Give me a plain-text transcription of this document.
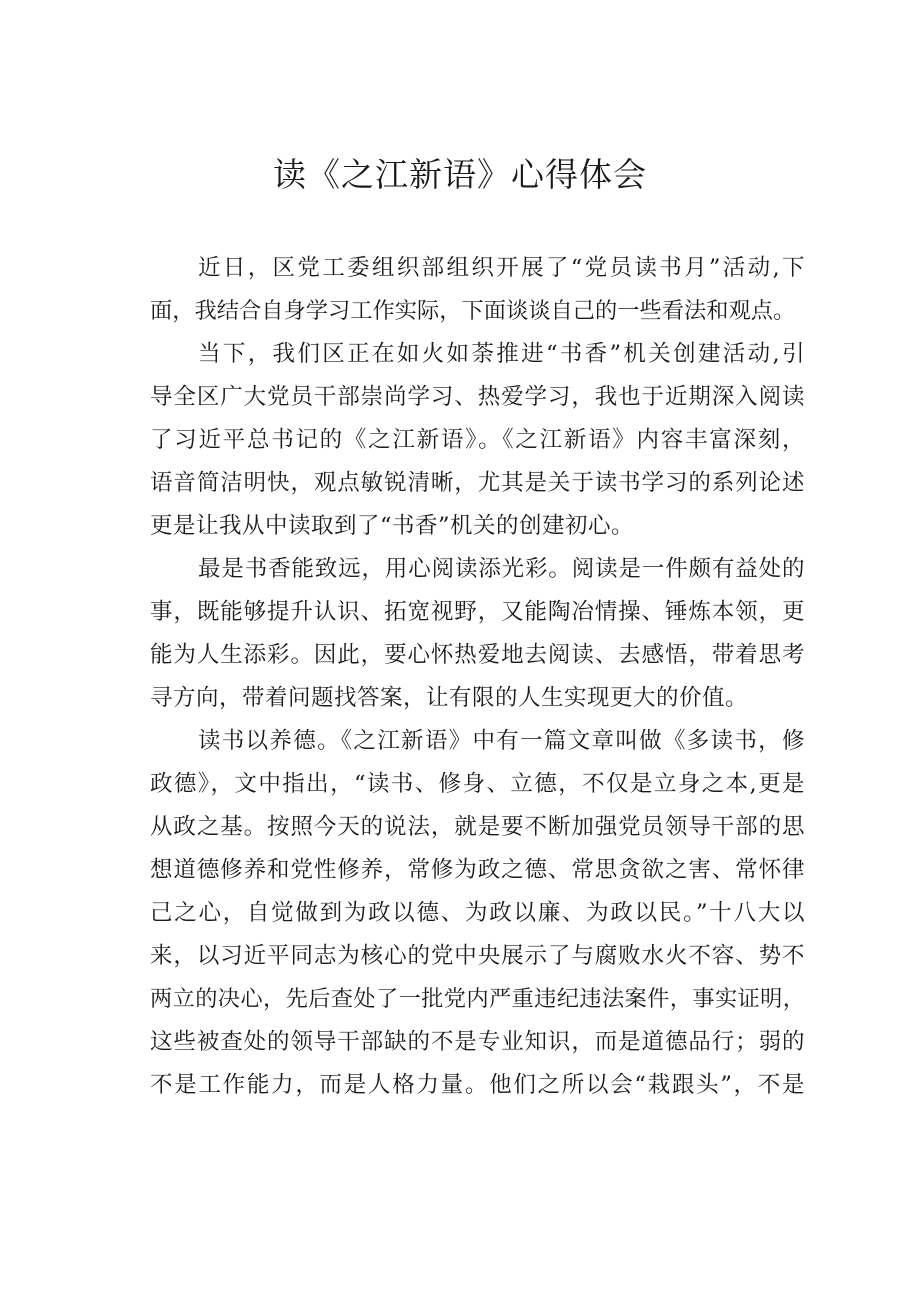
读《之江新语》心得体会

近日，区党工委组织部组织开展了“党员读书月”活动,下

面，我结合自身学习工作实际，下面谈谈自己的一些看法和观点。

当下，我们区正在如火如荼推进“书香”机关创建活动,引

导全区广大党员干部崇尚学习、热爱学习，我也于近期深入阅读

了习近平总书记的《之江新语》。《之江新语》内容丰富深刻，

语音简洁明快，观点敏锐清晰，尤其是关于读书学习的系列论述

更是让我从中读取到了“书香”机关的创建初心。

最是书香能致远，用心阅读添光彩。阅读是一件颇有益处的

事，既能够提升认识、拓宽视野，又能陶冶情操、锤炼本领，更

能为人生添彩。因此，要心怀热爱地去阅读、去感悟，带着思考

寻方向，带着问题找答案，让有限的人生实现更大的价值。

读书以养德。《之江新语》中有一篇文章叫做《多读书，修

政德》，文中指出，“读书、修身、立德，不仅是立身之本,更是

从政之基。按照今天的说法，就是要不断加强党员领导干部的思

想道德修养和党性修养，常修为政之德、常思贪欲之害、常怀律

己之心，自觉做到为政以德、为政以廉、为政以民。”十八大以

来，以习近平同志为核心的党中央展示了与腐败水火不容、势不

两立的决心，先后查处了一批党内严重违纪违法案件，事实证明，

这些被查处的领导干部缺的不是专业知识，而是道德品行；弱的

不是工作能力，而是人格力量。他们之所以会“栽跟头”，不是
